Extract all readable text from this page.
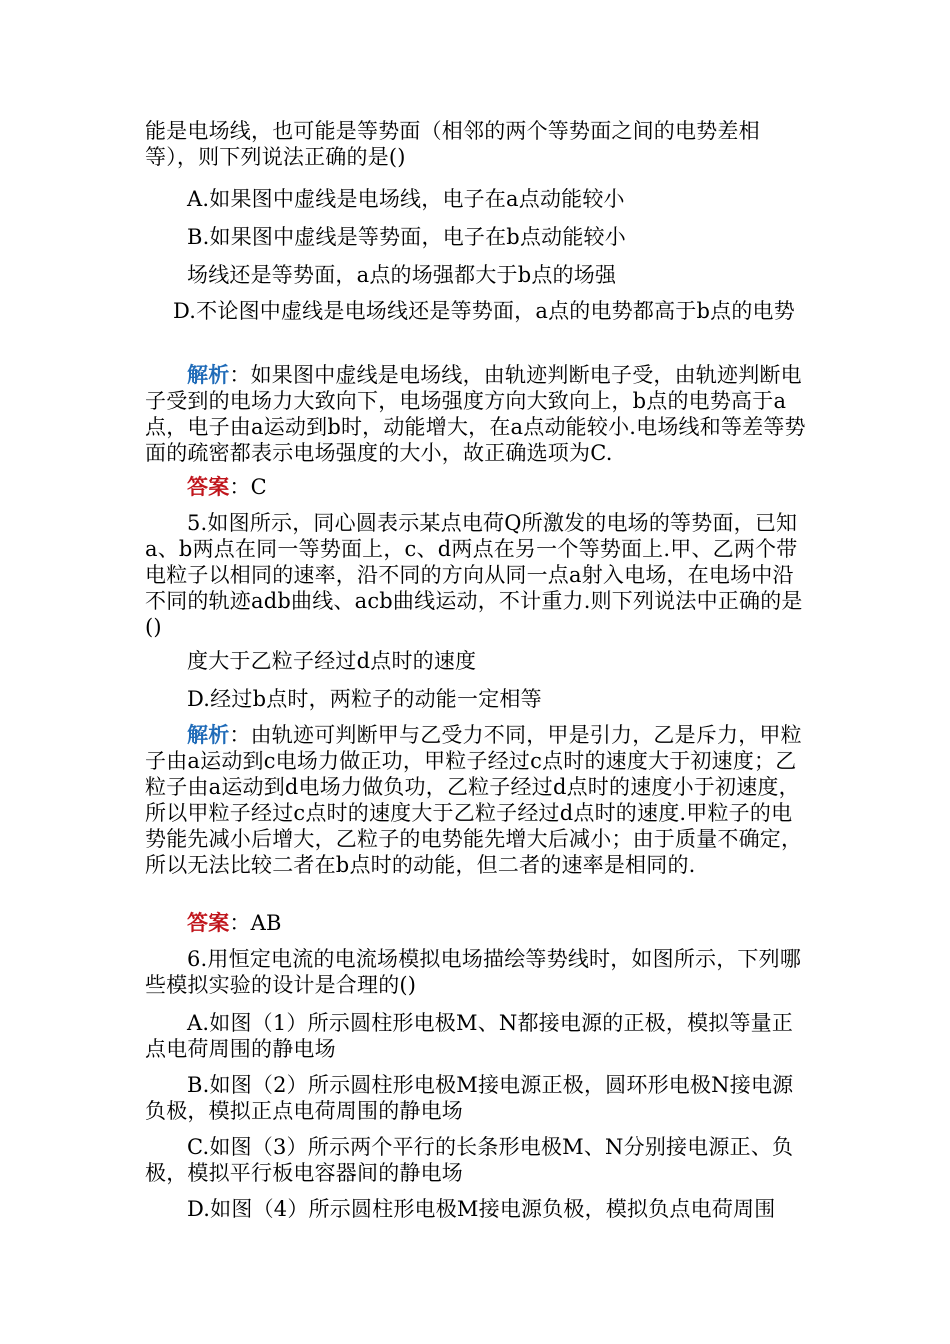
能是电场线，也可能是等势面（相邻的两个等势面之间的电势差相等），则下列说法正确的是()

A.如果图中虚线是电场线，电子在a点动能较小

B.如果图中虚线是等势面，电子在b点动能较小

场线还是等势面，a点的场强都大于b点的场强

D.不论图中虚线是电场线还是等势面，a点的电势都高于b点的电势

解析：如果图中虚线是电场线，由轨迹判断电子受，由轨迹判断电子受到的电场力大致向下，电场强度方向大致向上，b点的电势高于a点，电子由a运动到b时，动能增大，在a点动能较小.电场线和等差等势面的疏密都表示电场强度的大小，故正确选项为C.

答案：C

5.如图所示，同心圆表示某点电荷Q所激发的电场的等势面，已知a、b两点在同一等势面上，c、d两点在另一个等势面上.甲、乙两个带电粒子以相同的速率，沿不同的方向从同一点a射入电场，在电场中沿不同的轨迹adb曲线、acb曲线运动，不计重力.则下列说法中正确的是()

度大于乙粒子经过d点时的速度

D.经过b点时，两粒子的动能一定相等

解析：由轨迹可判断甲与乙受力不同，甲是引力，乙是斥力，甲粒子由a运动到c电场力做正功，甲粒子经过c点时的速度大于初速度；乙粒子由a运动到d电场力做负功，乙粒子经过d点时的速度小于初速度，所以甲粒子经过c点时的速度大于乙粒子经过d点时的速度.甲粒子的电势能先减小后增大，乙粒子的电势能先增大后减小；由于质量不确定，所以无法比较二者在b点时的动能，但二者的速率是相同的.

答案：AB

6.用恒定电流的电流场模拟电场描绘等势线时，如图所示，下列哪些模拟实验的设计是合理的()

A.如图（1）所示圆柱形电极M、N都接电源的正极，模拟等量正点电荷周围的静电场

B.如图（2）所示圆柱形电极M接电源正极，圆环形电极N接电源负极，模拟正点电荷周围的静电场

C.如图（3）所示两个平行的长条形电极M、N分别接电源正、负极，模拟平行板电容器间的静电场

D.如图（4）所示圆柱形电极M接电源负极，模拟负点电荷周围
